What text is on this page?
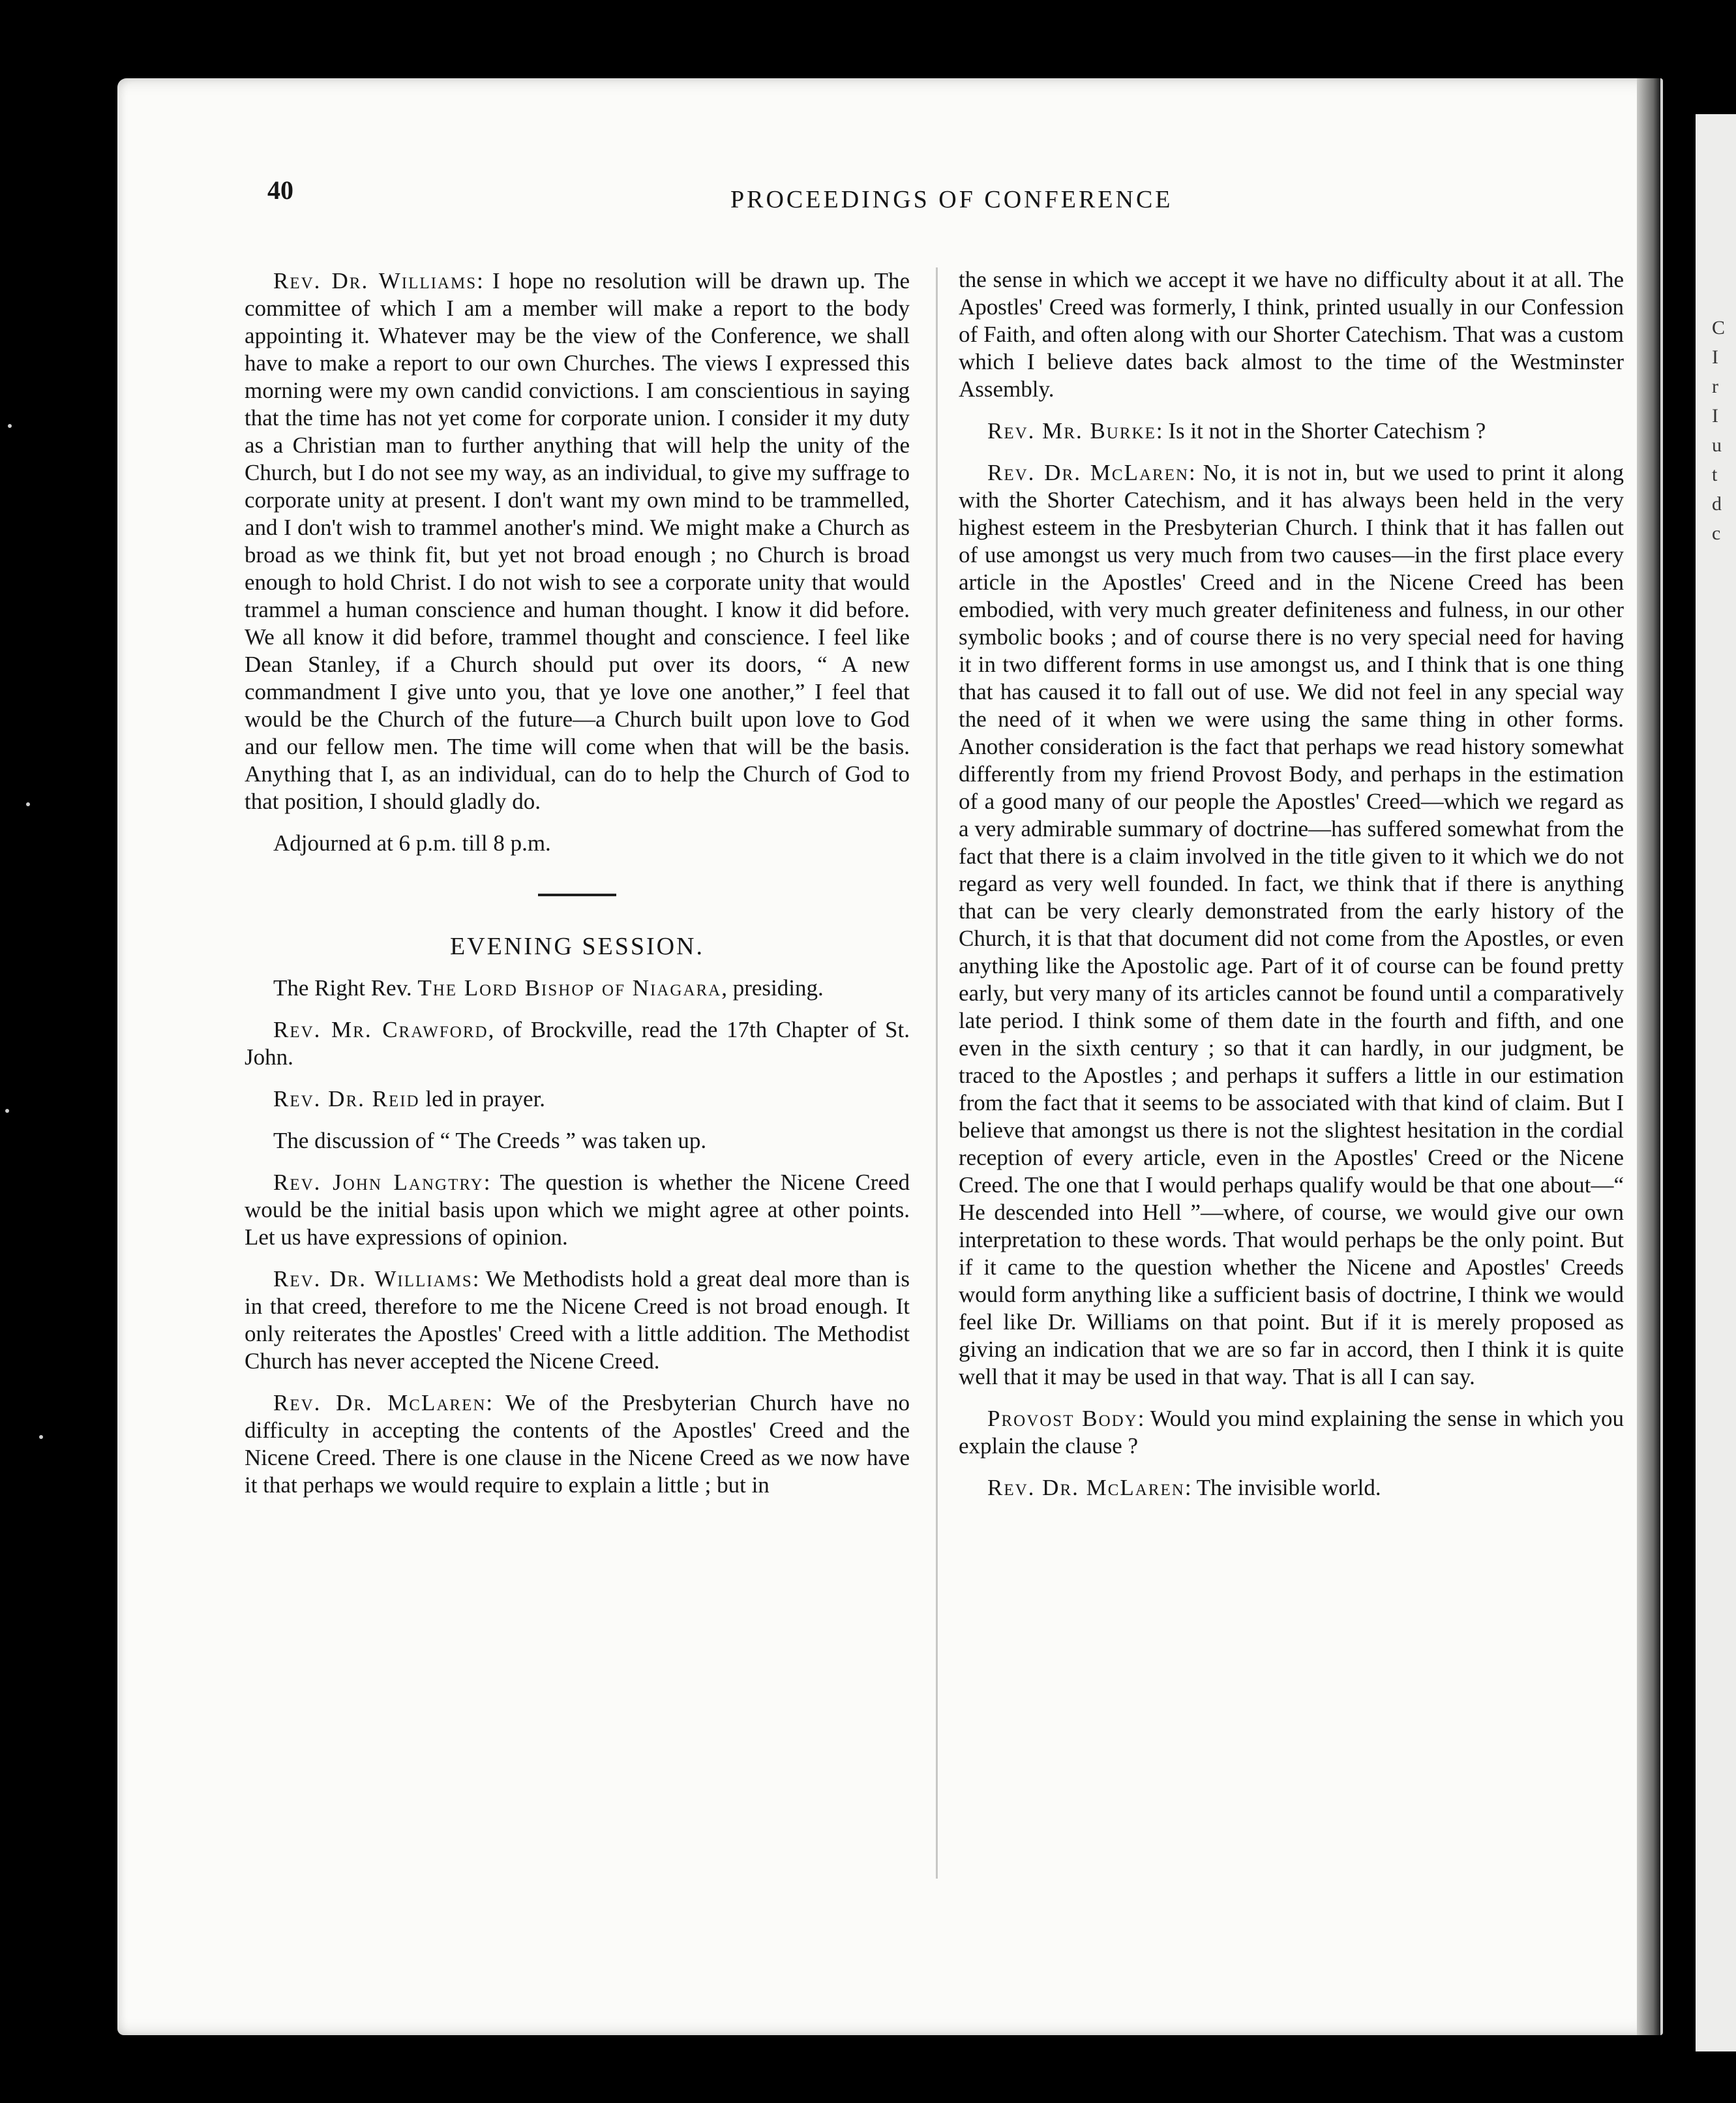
C
I
r
I
u
t
d
c
40	PROCEEDINGS OF CONFERENCE

Rev. Dr. Williams: I hope no resolution will be drawn up. The committee of which I am a member will make a report to the body appointing it. Whatever may be the view of the Conference, we shall have to make a report to our own Churches. The views I expressed this morning were my own candid convictions. I am conscientious in saying that the time has not yet come for corporate union. I consider it my duty as a Christian man to further anything that will help the unity of the Church, but I do not see my way, as an individual, to give my suffrage to corporate unity at present. I don't want my own mind to be trammelled, and I don't wish to trammel another's mind. We might make a Church as broad as we think fit, but yet not broad enough ; no Church is broad enough to hold Christ. I do not wish to see a corporate unity that would trammel a human conscience and human thought. I know it did before. We all know it did before, trammel thought and conscience. I feel like Dean Stanley, if a Church should put over its doors, “ A new commandment I give unto you, that ye love one another,” I feel that would be the Church of the future—a Church built upon love to God and our fellow men. The time will come when that will be the basis. Anything that I, as an individual, can do to help the Church of God to that position, I should gladly do.

Adjourned at 6 p.m. till 8 p.m.

EVENING SESSION.

The Right Rev. The Lord Bishop of Niagara, presiding.

Rev. Mr. Crawford, of Brockville, read the 17th Chapter of St. John.

Rev. Dr. Reid led in prayer.

The discussion of “ The Creeds ” was taken up.

Rev. John Langtry: The question is whether the Nicene Creed would be the initial basis upon which we might agree at other points. Let us have expressions of opinion.

Rev. Dr. Williams: We Methodists hold a great deal more than is in that creed, therefore to me the Nicene Creed is not broad enough. It only reiterates the Apostles' Creed with a little addition. The Methodist Church has never accepted the Nicene Creed.

Rev. Dr. McLaren: We of the Presbyterian Church have no difficulty in accepting the contents of the Apostles' Creed and the Nicene Creed. There is one clause in the Nicene Creed as we now have it that perhaps we would require to explain a little ; but in

the sense in which we accept it we have no difficulty about it at all. The Apostles' Creed was formerly, I think, printed usually in our Confession of Faith, and often along with our Shorter Catechism. That was a custom which I believe dates back almost to the time of the Westminster Assembly.

Rev. Mr. Burke: Is it not in the Shorter Catechism ?

Rev. Dr. McLaren: No, it is not in, but we used to print it along with the Shorter Catechism, and it has always been held in the very highest esteem in the Presbyterian Church. I think that it has fallen out of use amongst us very much from two causes—in the first place every article in the Apostles' Creed and in the Nicene Creed has been embodied, with very much greater definiteness and fulness, in our other symbolic books ; and of course there is no very special need for having it in two different forms in use amongst us, and I think that is one thing that has caused it to fall out of use. We did not feel in any special way the need of it when we were using the same thing in other forms. Another consideration is the fact that perhaps we read history somewhat differently from my friend Provost Body, and perhaps in the estimation of a good many of our people the Apostles' Creed—which we regard as a very admirable summary of doctrine—has suffered somewhat from the fact that there is a claim involved in the title given to it which we do not regard as very well founded. In fact, we think that if there is anything that can be very clearly demonstrated from the early history of the Church, it is that that document did not come from the Apostles, or even anything like the Apostolic age. Part of it of course can be found pretty early, but very many of its articles cannot be found until a comparatively late period. I think some of them date in the fourth and fifth, and one even in the sixth century ; so that it can hardly, in our judgment, be traced to the Apostles ; and perhaps it suffers a little in our estimation from the fact that it seems to be associated with that kind of claim. But I believe that amongst us there is not the slightest hesitation in the cordial reception of every article, even in the Apostles' Creed or the Nicene Creed. The one that I would perhaps qualify would be that one about—“ He descended into Hell ”—where, of course, we would give our own interpretation to these words. That would perhaps be the only point. But if it came to the question whether the Nicene and Apostles' Creeds would form anything like a sufficient basis of doctrine, I think we would feel like Dr. Williams on that point. But if it is merely proposed as giving an indication that we are so far in accord, then I think it is quite well that it may be used in that way. That is all I can say.

Provost Body: Would you mind explaining the sense in which you explain the clause ?

Rev. Dr. McLaren: The invisible world.
